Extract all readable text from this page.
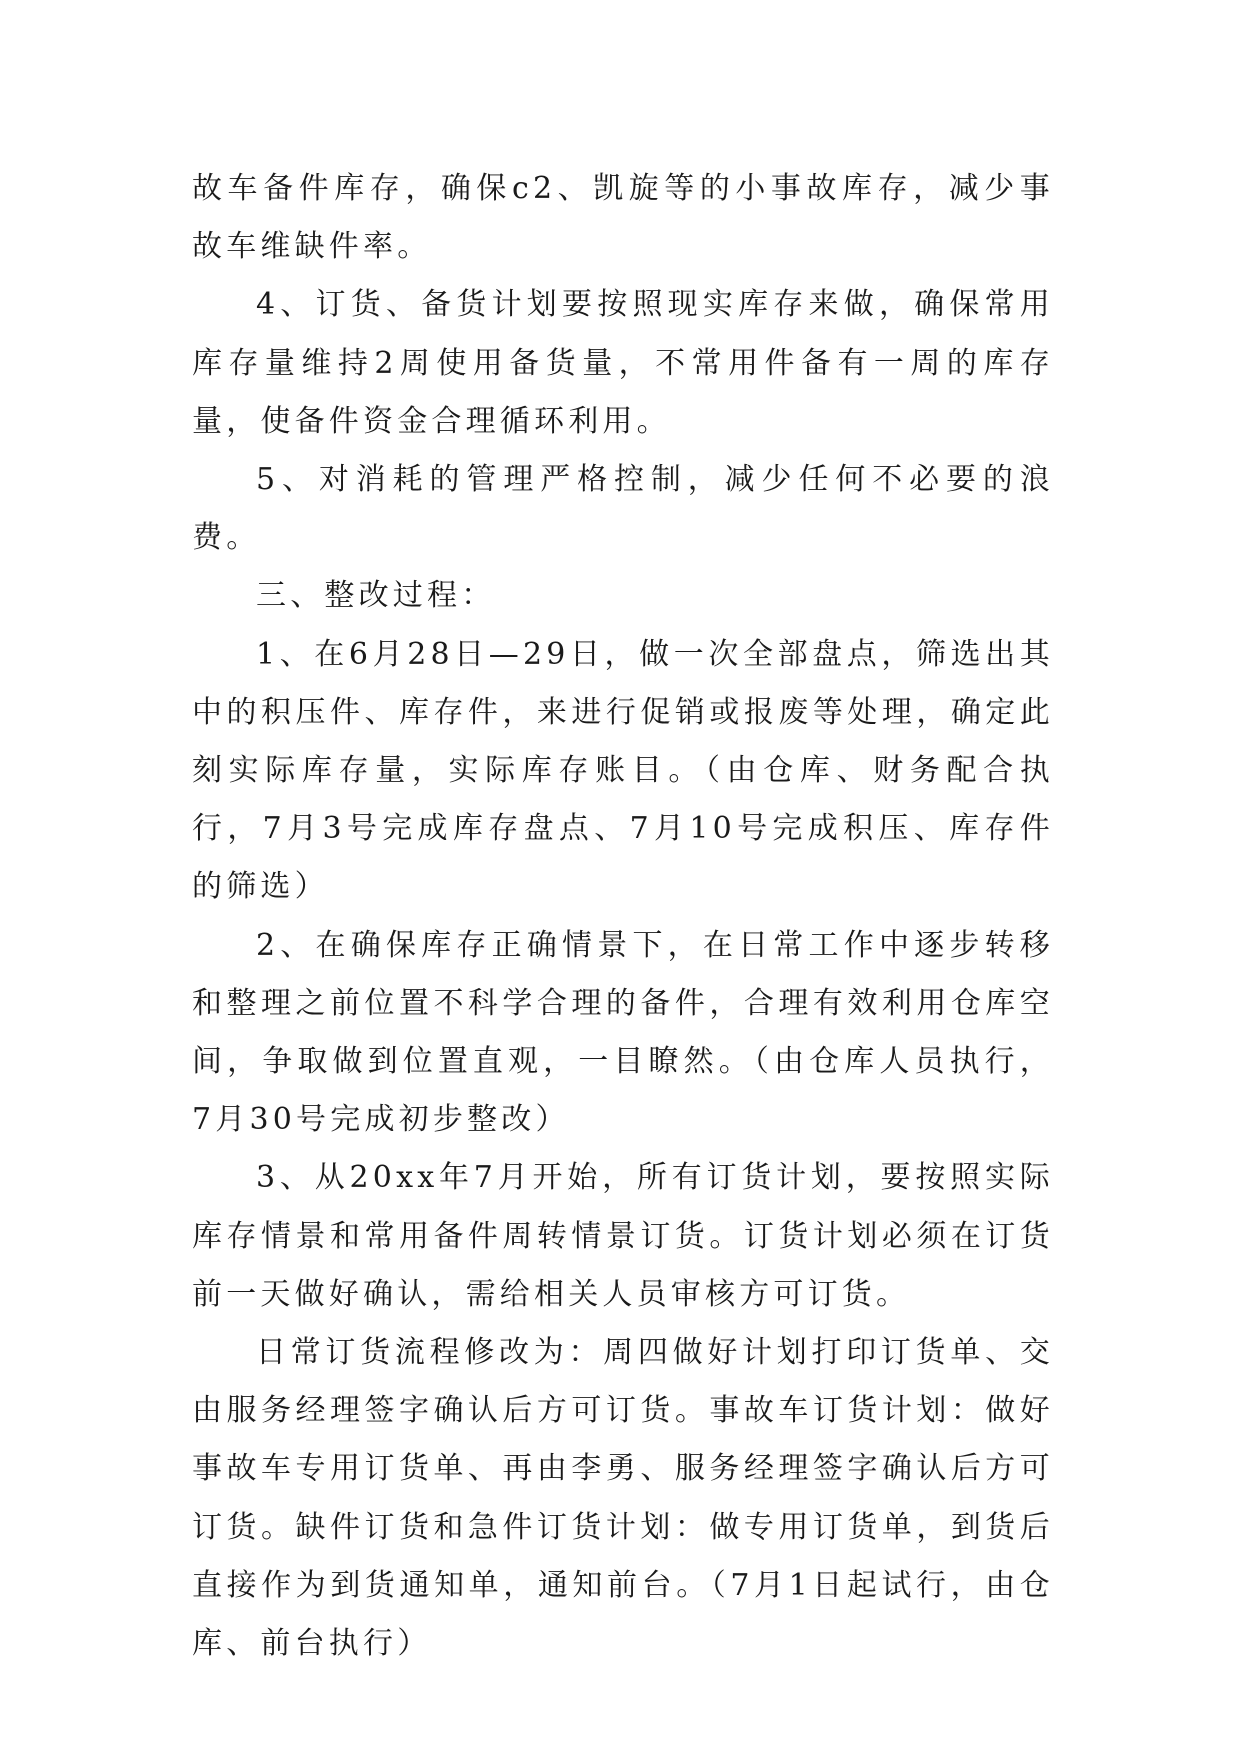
故车备件库存，确保c2、凯旋等的小事故库存，减少事故车维缺件率。

4、订货、备货计划要按照现实库存来做，确保常用库存量维持2周使用备货量，不常用件备有一周的库存量，使备件资金合理循环利用。

5、对消耗的管理严格控制，减少任何不必要的浪费。

三、整改过程：

1、在6月28日—29日，做一次全部盘点，筛选出其中的积压件、库存件，来进行促销或报废等处理，确定此刻实际库存量，实际库存账目。（由仓库、财务配合执行，7月3号完成库存盘点、7月10号完成积压、库存件的筛选）

2、在确保库存正确情景下，在日常工作中逐步转移和整理之前位置不科学合理的备件，合理有效利用仓库空间，争取做到位置直观，一目瞭然。（由仓库人员执行，7月30号完成初步整改）

3、从20xx年7月开始，所有订货计划，要按照实际库存情景和常用备件周转情景订货。订货计划必须在订货前一天做好确认，需给相关人员审核方可订货。

日常订货流程修改为：周四做好计划打印订货单、交由服务经理签字确认后方可订货。事故车订货计划：做好事故车专用订货单、再由李勇、服务经理签字确认后方可订货。缺件订货和急件订货计划：做专用订货单，到货后直接作为到货通知单，通知前台。（7月1日起试行，由仓库、前台执行）
